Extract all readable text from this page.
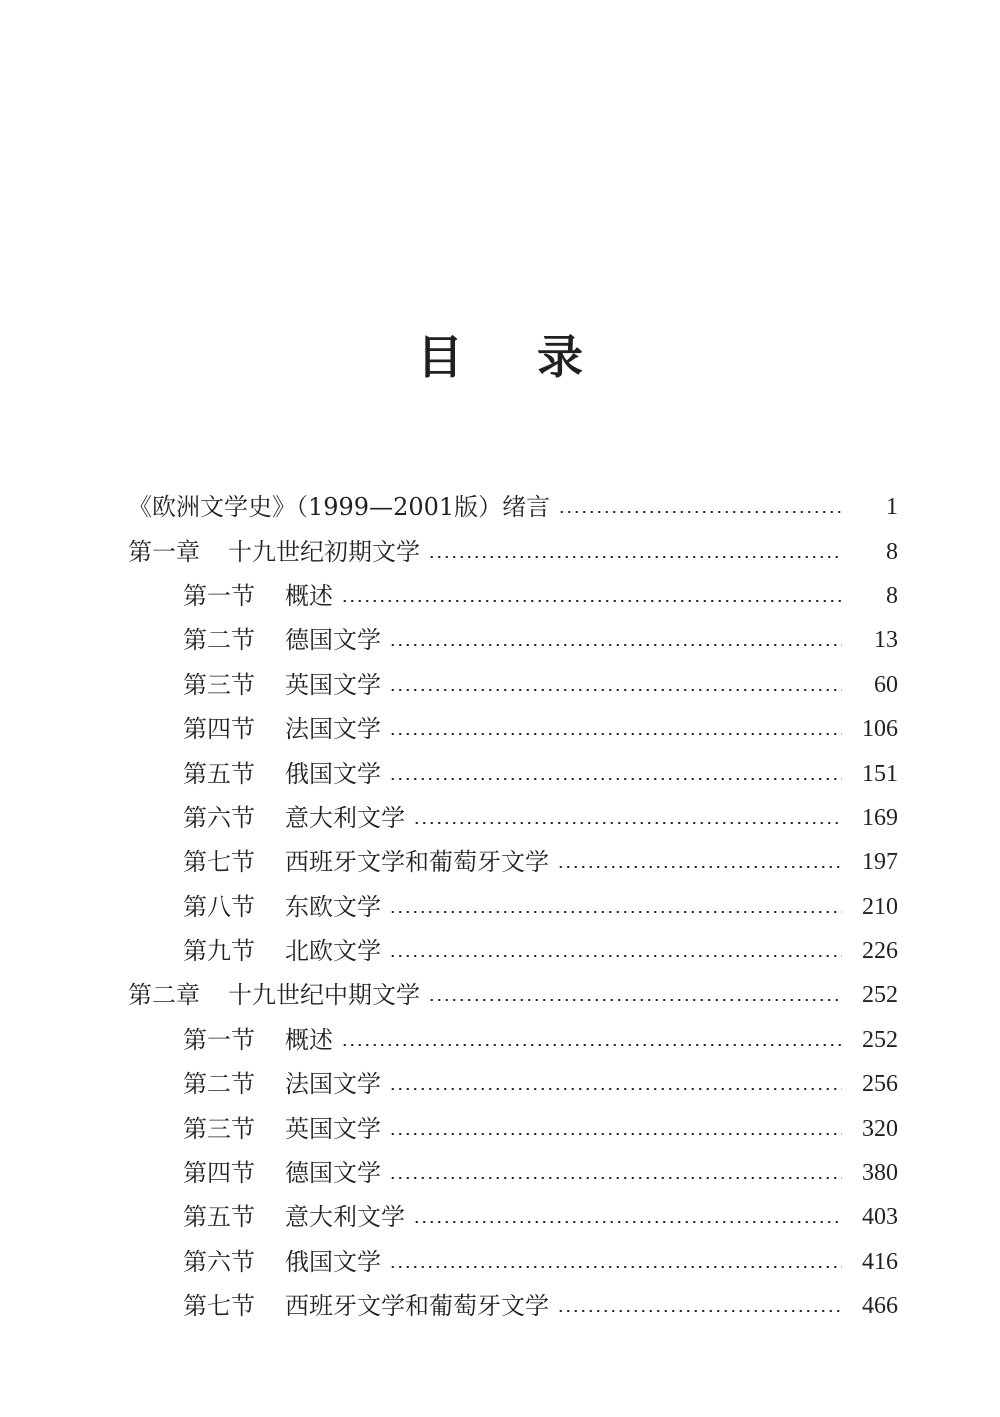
目 录
《欧洲文学史》（1999—2001版）绪言	1
第一章 十九世纪初期文学	8
第一节 概述	8
第二节 德国文学	13
第三节 英国文学	60
第四节 法国文学	106
第五节 俄国文学	151
第六节 意大利文学	169
第七节 西班牙文学和葡萄牙文学	197
第八节 东欧文学	210
第九节 北欧文学	226
第二章 十九世纪中期文学	252
第一节 概述	252
第二节 法国文学	256
第三节 英国文学	320
第四节 德国文学	380
第五节 意大利文学	403
第六节 俄国文学	416
第七节 西班牙文学和葡萄牙文学	466
